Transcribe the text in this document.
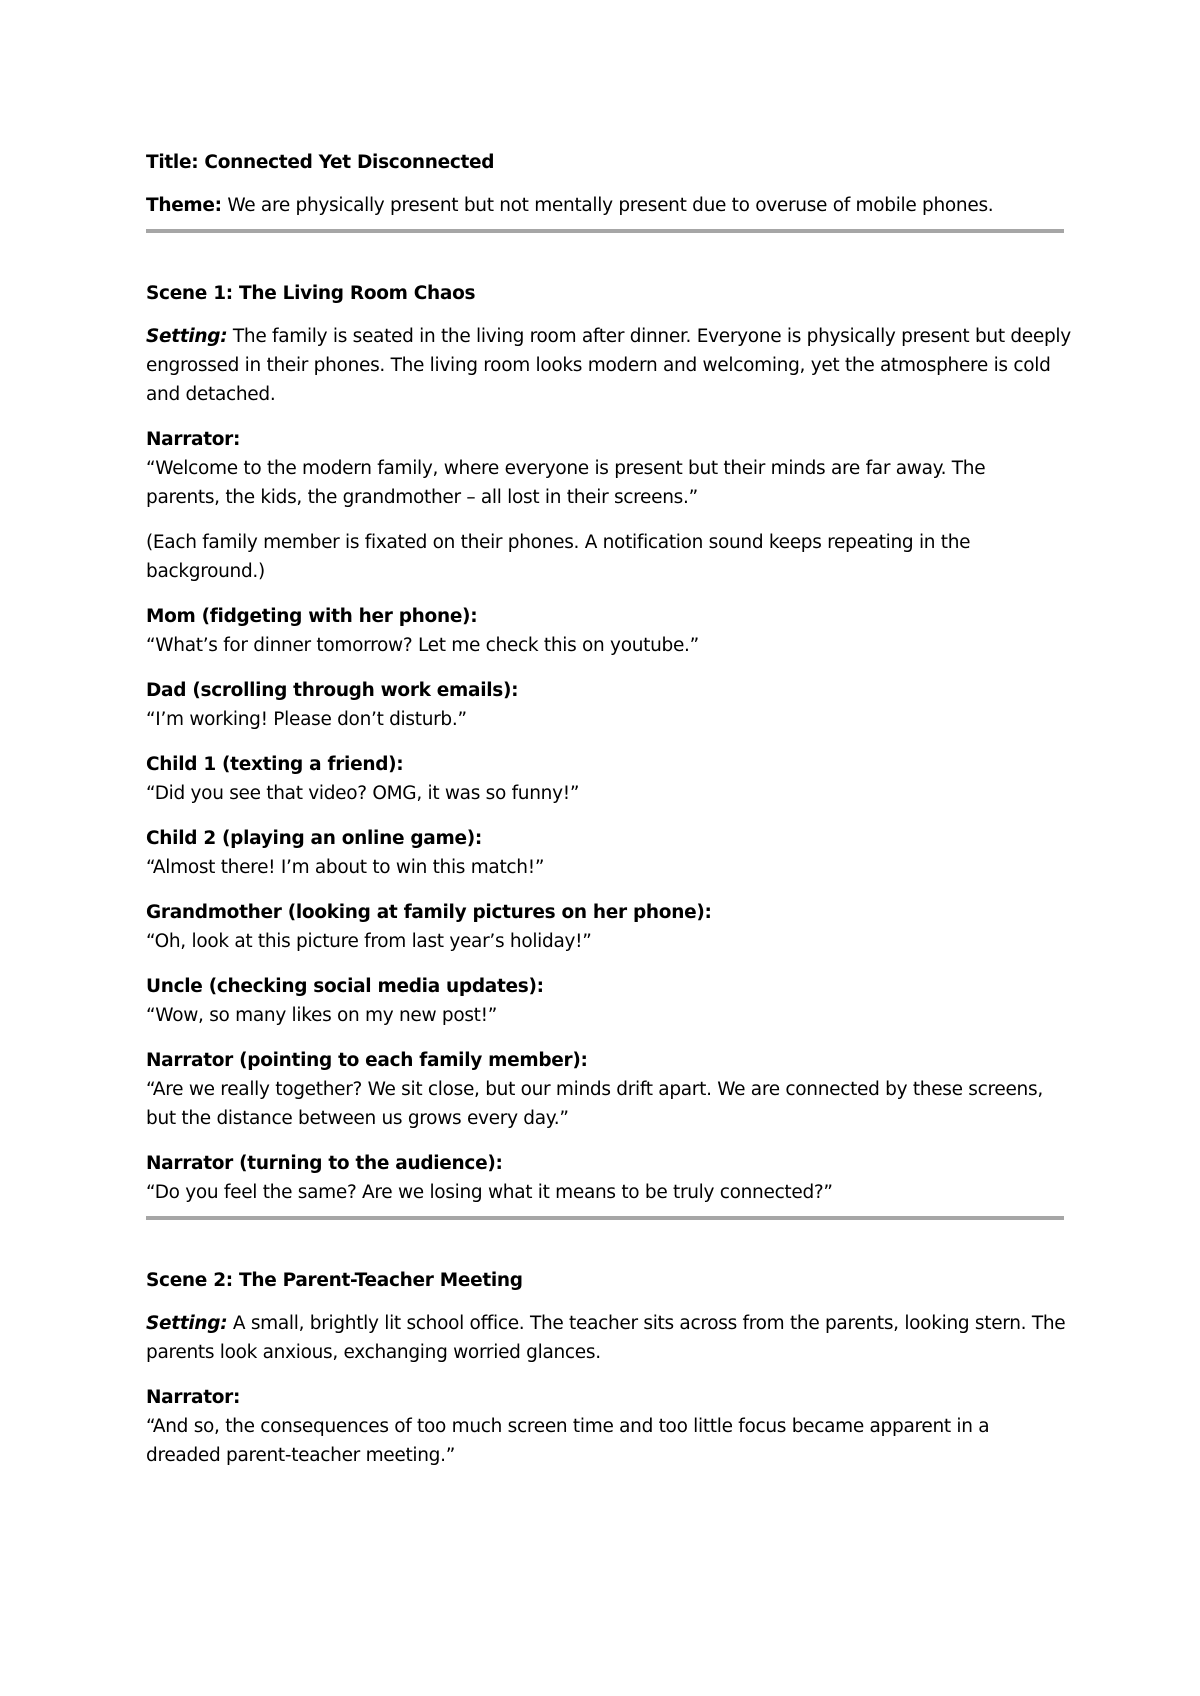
Title: Connected Yet Disconnected
Theme: We are physically present but not mentally present due to overuse of mobile phones.
Scene 1: The Living Room Chaos
Setting: The family is seated in the living room after dinner. Everyone is physically present but deeply
engrossed in their phones. The living room looks modern and welcoming, yet the atmosphere is cold
and detached.
Narrator:
“Welcome to the modern family, where everyone is present but their minds are far away. The
parents, the kids, the grandmother – all lost in their screens.”
(Each family member is fixated on their phones. A notification sound keeps repeating in the
background.)
Mom (fidgeting with her phone):
“What’s for dinner tomorrow? Let me check this on youtube.”
Dad (scrolling through work emails):
“I’m working! Please don’t disturb.”
Child 1 (texting a friend):
“Did you see that video? OMG, it was so funny!”
Child 2 (playing an online game):
“Almost there! I’m about to win this match!”
Grandmother (looking at family pictures on her phone):
“Oh, look at this picture from last year’s holiday!”
Uncle (checking social media updates):
“Wow, so many likes on my new post!”
Narrator (pointing to each family member):
“Are we really together? We sit close, but our minds drift apart. We are connected by these screens,
but the distance between us grows every day.”
Narrator (turning to the audience):
“Do you feel the same? Are we losing what it means to be truly connected?”
Scene 2: The Parent-Teacher Meeting
Setting: A small, brightly lit school office. The teacher sits across from the parents, looking stern. The
parents look anxious, exchanging worried glances.
Narrator:
“And so, the consequences of too much screen time and too little focus became apparent in a
dreaded parent-teacher meeting.”
